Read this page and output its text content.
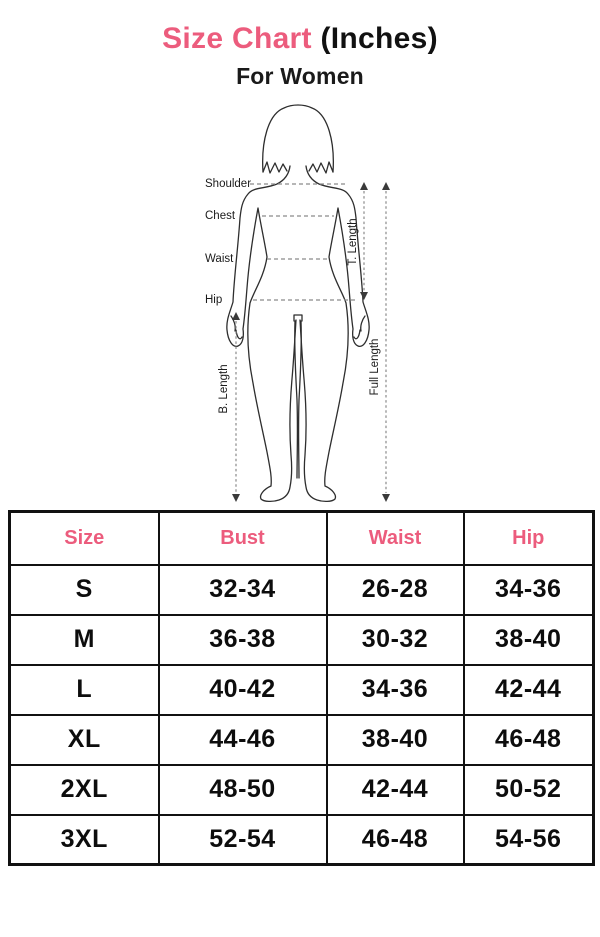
Size Chart (Inches)
For Women
Shoulder
Chest
Waist
Hip
T. Length
B. Length	Full Length
Size	Bust	Waist	Hip
S	32-34	26-28	34-36
M	36-38	30-32	38-40
L	40-42	34-36	42-44
XL	44-46	38-40	46-48
2XL	48-50	42-44	50-52
3XL	52-54	46-48	54-56
